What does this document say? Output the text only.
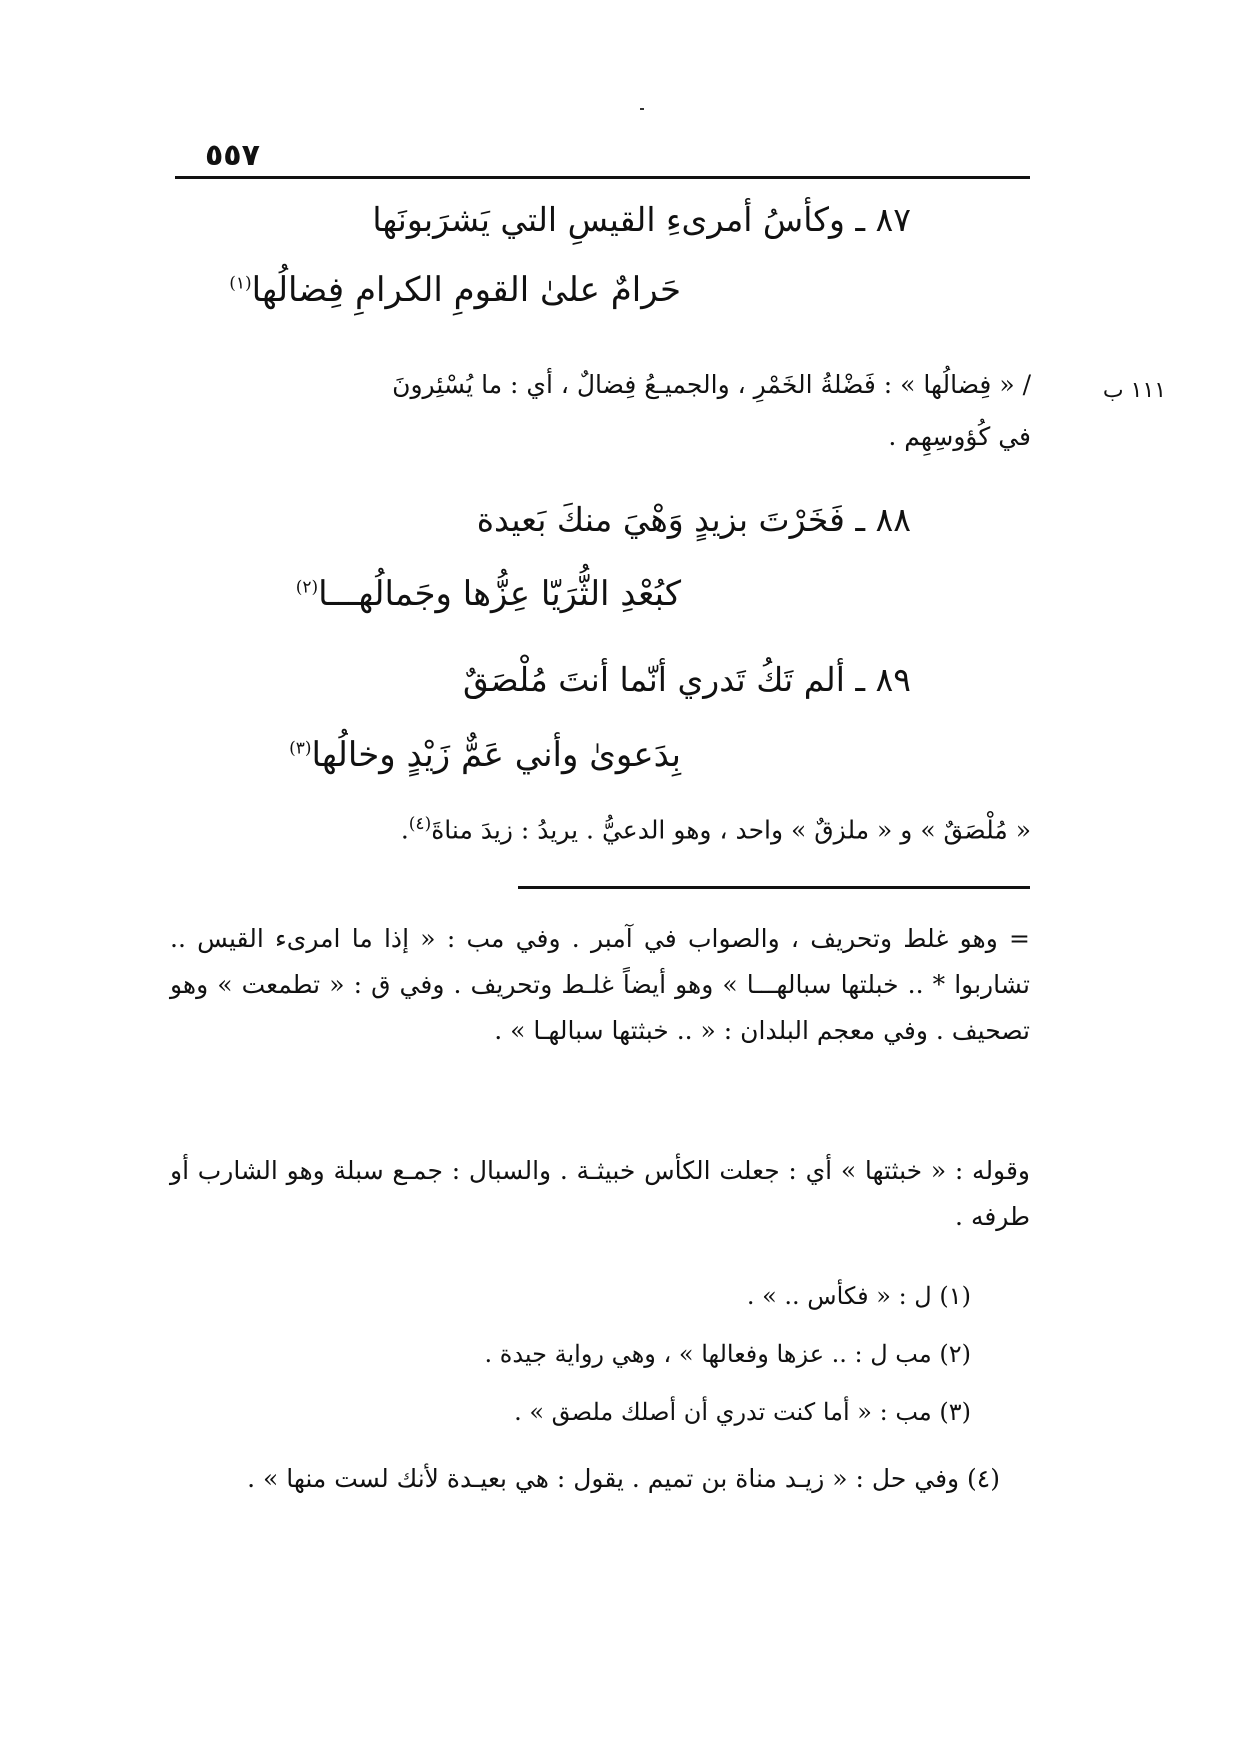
٥٥٧
٨٧ ـ وكأسُ أمرىءِ القيسِ التي يَشرَبونَها
حَرامٌ علىٰ القومِ الكرامِ فِضالُها$^{(١)}$
١١١ ب
/ « فِضالُها » : فَضْلةُ الخَمْرِ ، والجميـعُ فِضالٌ ، أي : ما يُسْئِرونَ
في كُؤوسِهِم .
٨٨ ـ فَخَرْتَ بزيدٍ وَهْيَ منكَ بَعيدة
كبُعْدِ الثُّرَيّا عِزُّها وجَمالُهـــا$^{(٢)}$
٨٩ ـ ألم تَكُ تَدري أنّما أنتَ مُلْصَقٌ
بِدَعوىٰ وأني عَمٌّ زَيْدٍ وخالُها$^{(٣)}$
« مُلْصَقٌ » و « ملزقٌ » واحد ، وهو الدعيُّ . يريدُ : زيدَ مناةَ$^{(٤)}$.
= وهو غلط وتحريف ، والصواب في آمبر . وفي مب : « إذا ما امرىء القيس .. تشاربوا * .. خبلتها سبالهـــا » وهو أيضاً غلـط وتحريف . وفي ق : « تطمعت » وهو تصحيف . وفي معجم البلدان : « .. خبثتها سبالهـا » .
وقوله : « خبثتها » أي : جعلت الكأس خبيثـة . والسبال : جمـع سبلة وهو الشارب أو طرفه .
(١) ل : « فكأس .. » .
(٢) مب ل : .. عزها وفعالها » ، وهي رواية جيدة .
(٣) مب : « أما كنت تدري أن أصلك ملصق » .
(٤) وفي حل : « زيـد مناة بن تميم . يقول : هي بعيـدة لأنك لست منها » .
